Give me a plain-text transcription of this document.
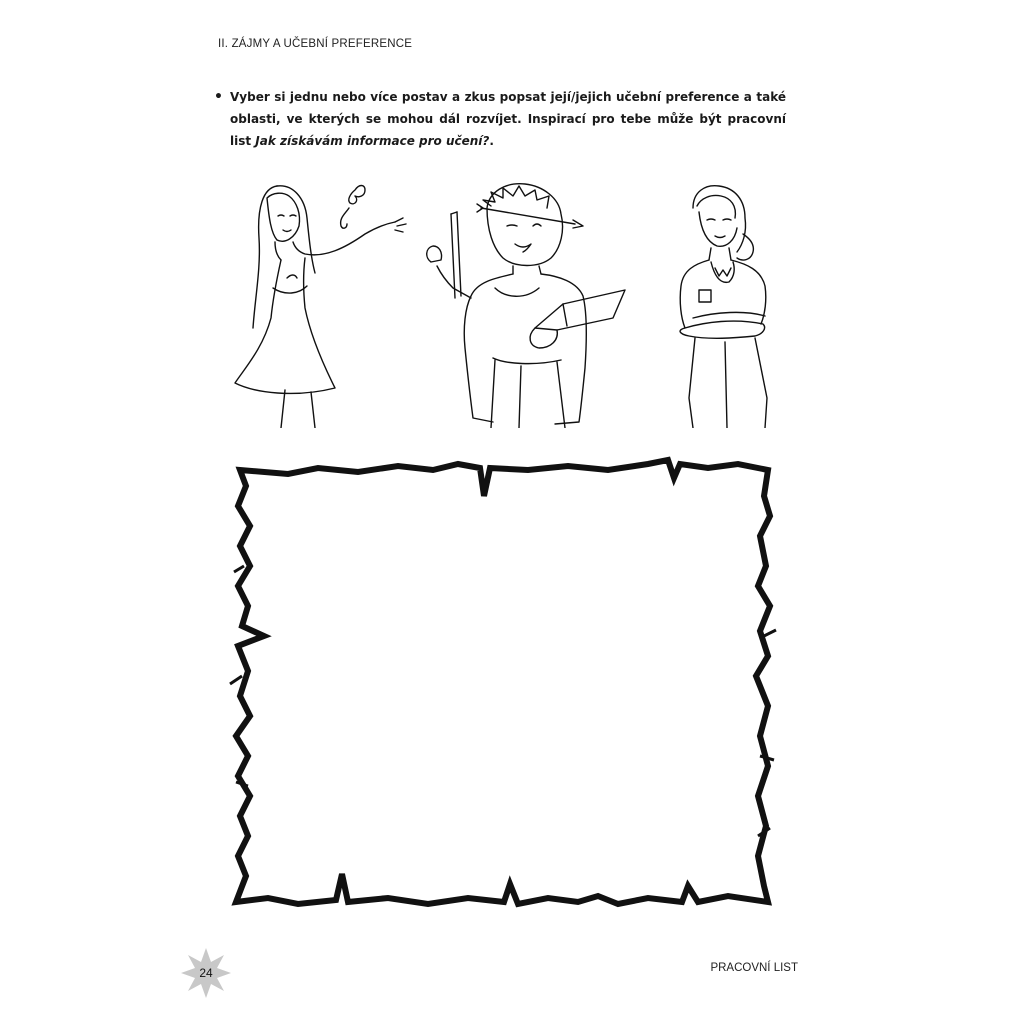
II. ZÁJMY A UČEBNÍ PREFERENCE
• Vyber si jednu nebo více postav a zkus popsat její/jejich učební preference a také oblasti, ve kterých se mohou dál rozvíjet. Inspirací pro tebe může být pracovní list Jak získávám informace pro učení?.
24	PRACOVNÍ LIST
